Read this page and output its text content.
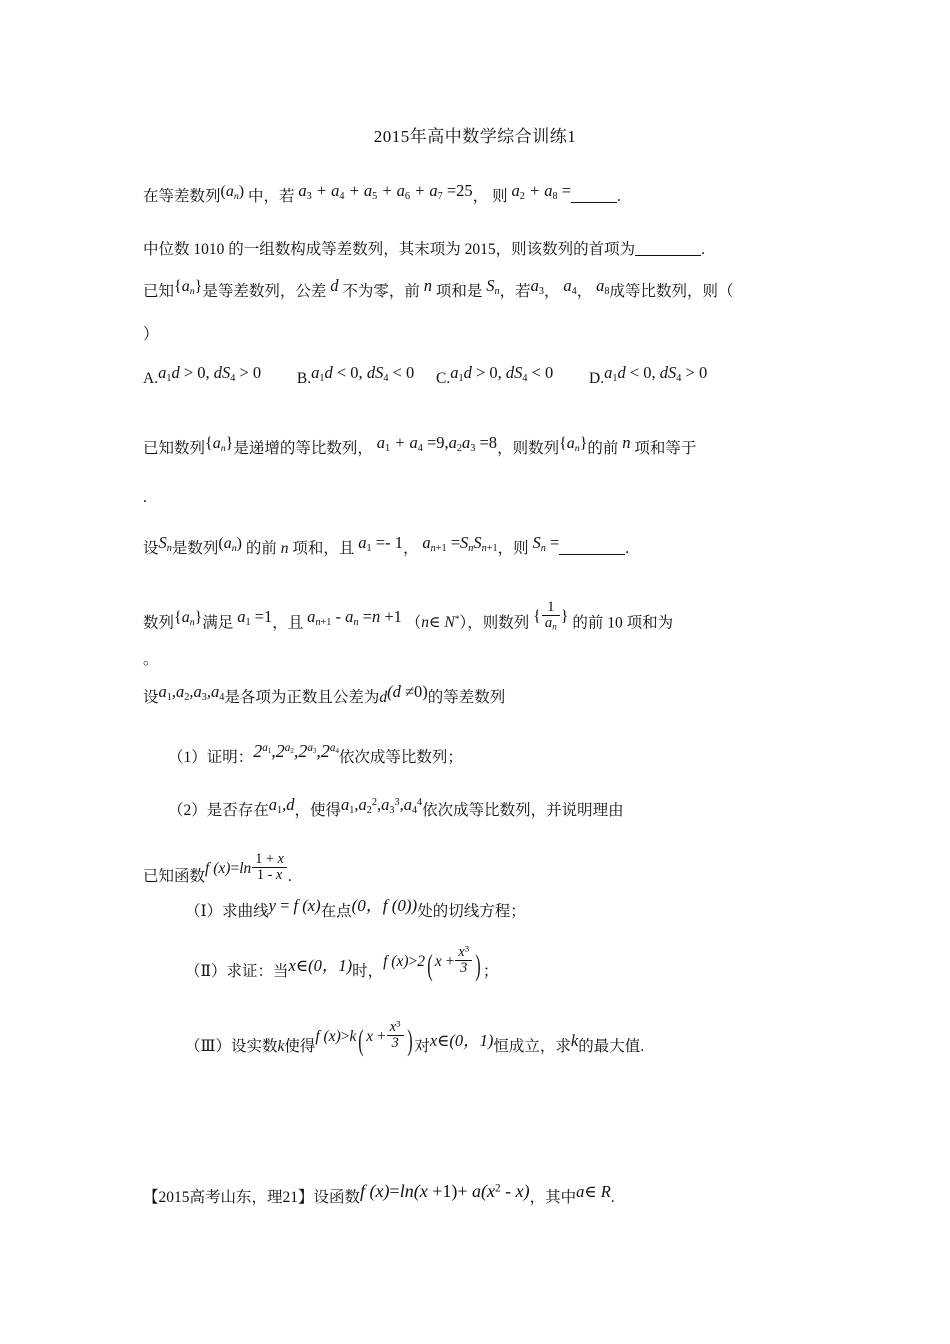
2015年高中数学综合训练1
在等差数列$(a_n)$ 中，若 $a_3 + a_4 + a_5 + a_6 + a_7 =25$， 则 $a_2 + a_8$ =	.
中位数 1010 的一组数构成等差数列，其末项为 2015，则该数列的首项为	.
已知$\{a_n\}$是等差数列，公差 d 不为零，前 n 项和是 $S_n$，若$a_3$， $a_4$， $a_8$成等比数列，则（
）
$A.a_1d > 0$, $dS_4 > 0$ $B.a_1d < 0$, $dS_4 < 0$ $C.a_1d > 0$, $dS_4 < 0$ $D.a_1d < 0$, $dS_4 > 0$
已知数列$\{a_n\}$是递增的等比数列， $a_1 + a_4 =9,a_2a_3 =8$，则数列$\{a_n\}$的前 n 项和等于
.
设$S_n$是数列$(a_n)$ 的前 n 项和，且 $a_1 =- 1$， $a_{n+1} =S_nS_{n+1}$，则 $S_n$ =	.
数列$\{a_n\}$满足 $a_1 =1$，且 $a_{n+1} - a_n =n +1$ （n∈ N*），则数列 { $\frac{1}{a_n}$ } 的前 10 项和为
。
设$a_1,a_2,a_3,a_4$是各项为正数且公差为d(d ≠0)的等差数列
（1）证明：$2^{a_1},2^{a_2},2^{a_3},2^{a_4}$依次成等比数列；
（2）是否存在$a_1,d$，使得$a_1,a_2^2,a_3^3,a_4^4$依次成等比数列，并说明理由
已知函数f $(x)=\ln \frac{1 + x}{1 - x}$ .
（Ⅰ）求曲线y = f (x)在点(0，f (0))处的切线方程；
（Ⅱ）求证：当x∈(0，1)时，f (x)>2( $x + \frac{x^3}{3}$ ) ；
（Ⅲ）设实数k使得f (x)>k( $x + \frac{x^3}{3}$ ) 对x∈(0，1)恒成立，求k的最大值.
【2015高考山东，理21】设函数f $(x)=\ln(x +1)+ a(x^2 - x)$，其中a∈ R.
